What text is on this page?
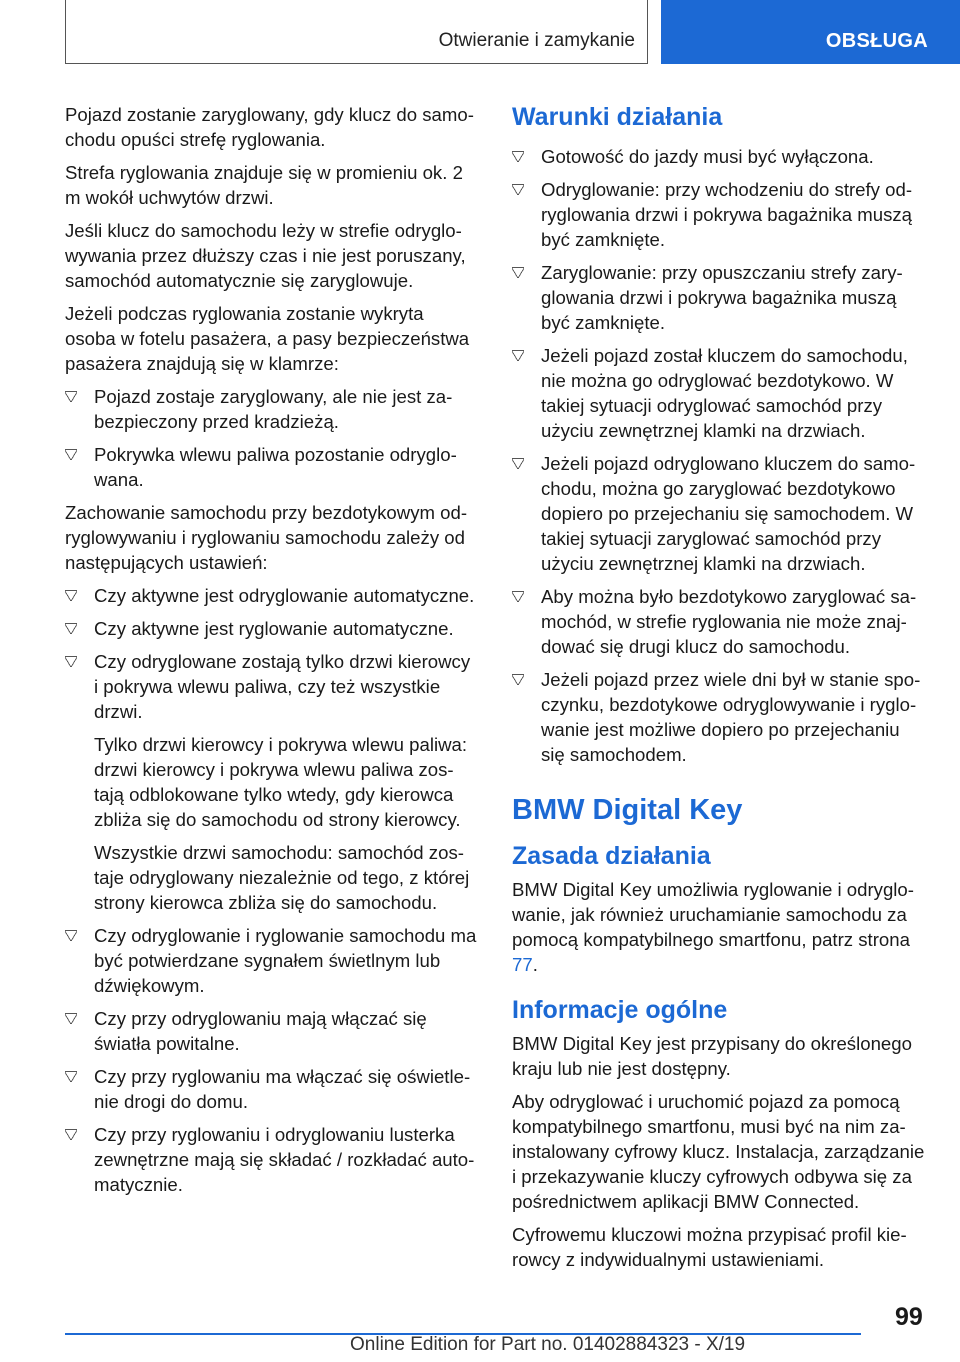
Otwieranie i zamykanie	OBSŁUGA

Pojazd zostanie zaryglowany, gdy klucz do samochodu opuści strefę ryglowania.

Strefa ryglowania znajduje się w promieniu ok. 2 m wokół uchwytów drzwi.

Jeśli klucz do samochodu leży w strefie odryglowywania przez dłuższy czas i nie jest poruszany, samochód automatycznie się zaryglowuje.

Jeżeli podczas ryglowania zostanie wykryta osoba w fotelu pasażera, a pasy bezpieczeństwa pasażera znajdują się w klamrze:

Pojazd zostaje zaryglowany, ale nie jest zabezpieczony przed kradzieżą.
Pokrywka wlewu paliwa pozostanie odryglowana.

Zachowanie samochodu przy bezdotykowym odryglowywaniu i ryglowaniu samochodu zależy od następujących ustawień:

Czy aktywne jest odryglowanie automatyczne.
Czy aktywne jest ryglowanie automatyczne.
Czy odryglowane zostają tylko drzwi kierowcy i pokrywa wlewu paliwa, czy też wszystkie drzwi.

Tylko drzwi kierowcy i pokrywa wlewu paliwa: drzwi kierowcy i pokrywa wlewu paliwa zostają odblokowane tylko wtedy, gdy kierowca zbliża się do samochodu od strony kierowcy.

Wszystkie drzwi samochodu: samochód zostaje odryglowany niezależnie od tego, z której strony kierowca zbliża się do samochodu.

Czy odryglowanie i ryglowanie samochodu ma być potwierdzane sygnałem świetlnym lub dźwiękowym.
Czy przy odryglowaniu mają włączać się światła powitalne.
Czy przy ryglowaniu ma włączać się oświetlenie drogi do domu.
Czy przy ryglowaniu i odryglowaniu lusterka zewnętrzne mają się składać / rozkładać automatycznie.
Warunki działania
Gotowość do jazdy musi być wyłączona.
Odryglowanie: przy wchodzeniu do strefy odryglowania drzwi i pokrywa bagażnika muszą być zamknięte.
Zaryglowanie: przy opuszczaniu strefy zaryglowania drzwi i pokrywa bagażnika muszą być zamknięte.
Jeżeli pojazd został kluczem do samochodu, nie można go odryglować bezdotykowo. W takiej sytuacji odryglować samochód przy użyciu zewnętrznej klamki na drzwiach.
Jeżeli pojazd odryglowano kluczem do samochodu, można go zaryglować bezdotykowo dopiero po przejechaniu się samochodem. W takiej sytuacji zaryglować samochód przy użyciu zewnętrznej klamki na drzwiach.
Aby można było bezdotykowo zaryglować samochód, w strefie ryglowania nie może znajdować się drugi klucz do samochodu.
Jeżeli pojazd przez wiele dni był w stanie spoczynku, bezdotykowe odryglowywanie i ryglowanie jest możliwe dopiero po przejechaniu się samochodem.
BMW Digital Key
Zasada działania

BMW Digital Key umożliwia ryglowanie i odryglowanie, jak również uruchamianie samochodu za pomocą kompatybilnego smartfonu, patrz strona 77.

Informacje ogólne

BMW Digital Key jest przypisany do określonego kraju lub nie jest dostępny.

Aby odryglować i uruchomić pojazd za pomocą kompatybilnego smartfonu, musi być na nim zainstalowany cyfrowy klucz. Instalacja, zarządzanie i przekazywanie kluczy cyfrowych odbywa się za pośrednictwem aplikacji BMW Connected.

Cyfrowemu kluczowi można przypisać profil kierowcy z indywidualnymi ustawieniami.

99
Online Edition for Part no. 01402884323 - X/19
